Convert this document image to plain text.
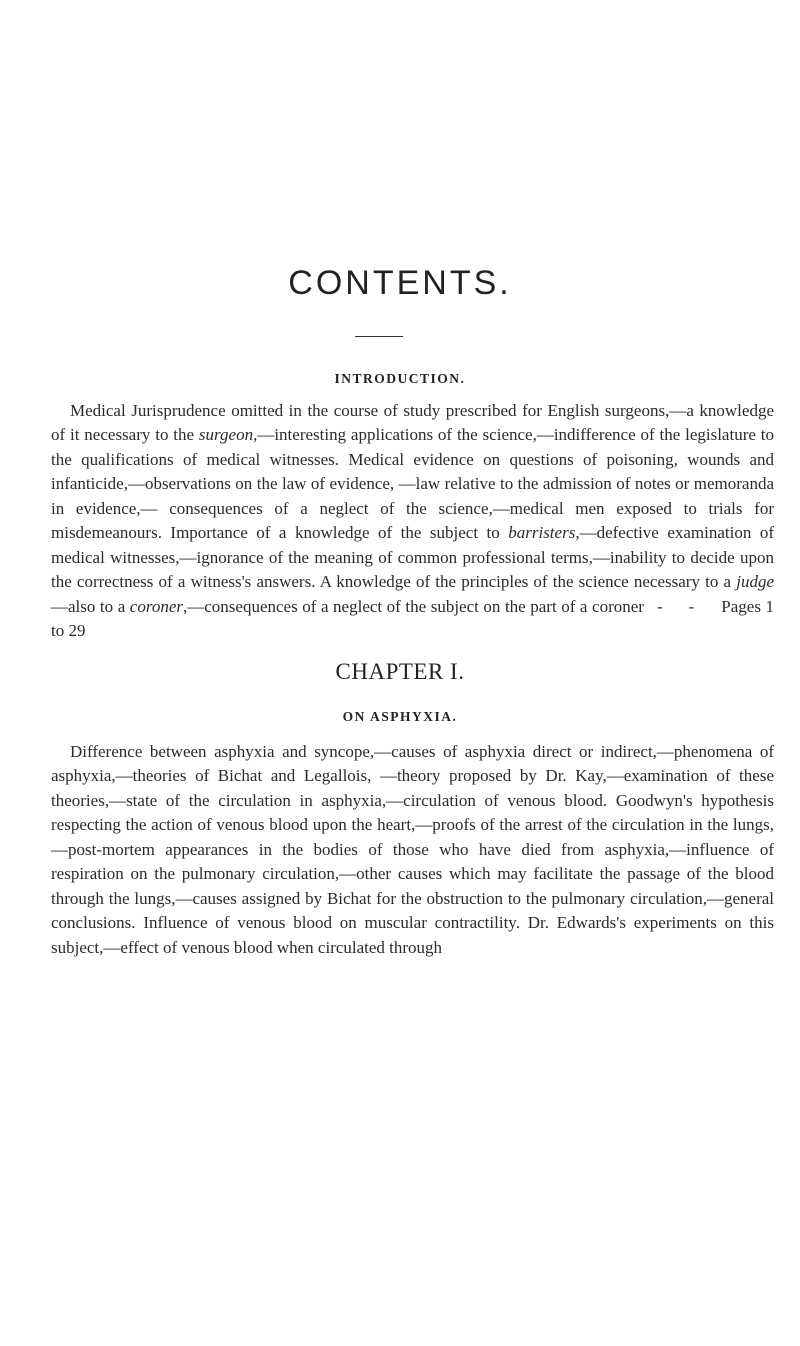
CONTENTS.
INTRODUCTION.

Medical Jurisprudence omitted in the course of study prescribed for English surgeons,—a knowledge of it necessary to the surgeon,—interesting applications of the science,—indifference of the legislature to the qualifications of medical witnesses. Medical evidence on questions of poisoning, wounds and infanticide,—observations on the law of evidence, —law relative to the admission of notes or memoranda in evidence,— consequences of a neglect of the science,—medical men exposed to trials for misdemeanours. Importance of a knowledge of the subject to barristers,—defective examination of medical witnesses,—ignorance of the meaning of common professional terms,—inability to decide upon the correctness of a witness's answers. A knowledge of the principles of the science necessary to a judge—also to a coroner,—consequences of a neglect of the subject on the part of a coroner - - Pages 1 to 29

CHAPTER I.
ON ASPHYXIA.

Difference between asphyxia and syncope,—causes of asphyxia direct or indirect,—phenomena of asphyxia,—theories of Bichat and Legallois, —theory proposed by Dr. Kay,—examination of these theories,—state of the circulation in asphyxia,—circulation of venous blood. Goodwyn's hypothesis respecting the action of venous blood upon the heart,—proofs of the arrest of the circulation in the lungs,—post-mortem appearances in the bodies of those who have died from asphyxia,—influence of respiration on the pulmonary circulation,—other causes which may facilitate the passage of the blood through the lungs,—causes assigned by Bichat for the obstruction to the pulmonary circulation,—general conclusions. Influence of venous blood on muscular contractility. Dr. Edwards's experiments on this subject,—effect of venous blood when circulated through
